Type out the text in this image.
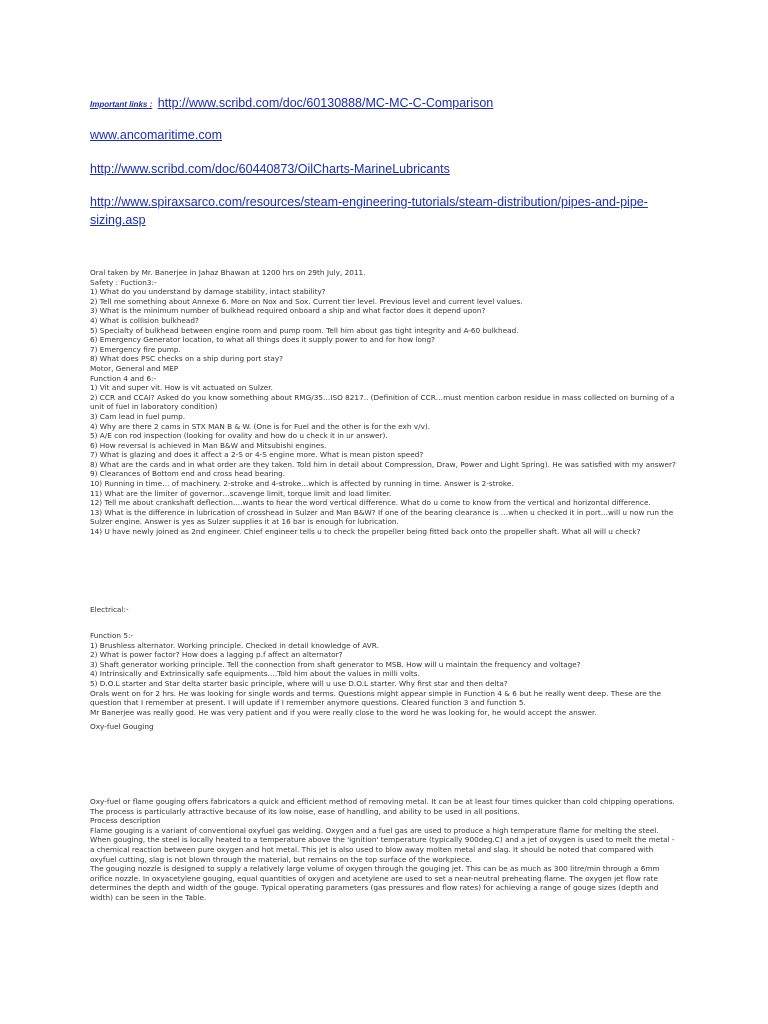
Important links : http://www.scribd.com/doc/60130888/MC-MC-C-Comparison

www.ancomaritime.com

http://www.scribd.com/doc/60440873/OilCharts-MarineLubricants

http://www.spiraxsarco.com/resources/steam-engineering-tutorials/steam-distribution/pipes-and-pipe-sizing.asp

Oral taken by Mr. Banerjee in Jahaz Bhawan at 1200 hrs on 29th July, 2011.

Safety : Fuction3:-

1) What do you understand by damage stability, intact stability?

2) Tell me something about Annexe 6. More on Nox and Sox. Current tier level. Previous level and current level values.

3) What is the minimum number of bulkhead required onboard a ship and what factor does it depend upon?

4) What is collision bulkhead?

5) Specialty of bulkhead between engine room and pump room. Tell him about gas tight integrity and A-60 bulkhead.

6) Emergency Generator location, to what all things does it supply power to and for how long?

7) Emergency fire pump.

8) What does PSC checks on a ship during port stay?

Motor, General and MEP

Function 4 and 6:-

1) Vit and super vit. How is vit actuated on Sulzer.

2) CCR and CCAI? Asked do you know something about RMG/35…ISO 8217.. (Definition of CCR…must mention carbon residue in mass collected on burning of a unit of fuel in laboratory condition)

3) Cam lead in fuel pump.

4) Why are there 2 cams in STX MAN B & W. (One is for Fuel and the other is for the exh v/v).

5) A/E con rod inspection (looking for ovality and how do u check it in ur answer).

6) How reversal is achieved in Man B&W and Mitsubishi engines.

7) What is glazing and does it affect a 2-S or 4-S engine more. What is mean piston speed?

8) What are the cards and in what order are they taken. Told him in detail about Compression, Draw, Power and Light Spring). He was satisfied with my answer?

9) Clearances of Bottom end and cross head bearing.

10) Running in time… of machinery. 2-stroke and 4-stroke…which is affected by running in time. Answer is 2-stroke.

11) What are the limiter of governor…scavenge limit, torque limit and load limiter.

12) Tell me about crankshaft deflection….wants to hear the word vertical difference. What do u come to know from the vertical and horizontal difference.

13) What is the difference in lubrication of crosshead in Sulzer and Man B&W? If one of the bearing clearance is …when u checked it in port…will u now run the Sulzer engine. Answer is yes as Sulzer supplies it at 16 bar is enough for lubrication.

14) U have newly joined as 2nd engineer. Chief engineer tells u to check the propeller being fitted back onto the propeller shaft. What all will u check?

Electrical:-

Function 5:-

1) Brushless alternator. Working principle. Checked in detail knowledge of AVR.

2) What is power factor? How does a lagging p.f affect an alternator?

3) Shaft generator working principle. Tell the connection from shaft generator to MSB. How will u maintain the frequency and voltage?

4) Intrinsically and Extrinsically safe equipments….Told him about the values in milli volts.

5) D.O.L starter and Star delta starter basic principle, where will u use D.O.L starter. Why first star and then delta?

Orals went on for 2 hrs. He was looking for single words and terms. Questions might appear simple in Function 4 & 6 but he really went deep. These are the question that I remember at present. I will update if I remember anymore questions. Cleared function 3 and function 5.

Mr Banerjee was really good. He was very patient and if you were really close to the word he was looking for, he would accept the answer.

Oxy-fuel Gouging

Oxy-fuel or flame gouging offers fabricators a quick and efficient method of removing metal. It can be at least four times quicker than cold chipping operations. The process is particularly attractive because of its low noise, ease of handling, and ability to be used in all positions.

Process description

Flame gouging is a variant of conventional oxyfuel gas welding. Oxygen and a fuel gas are used to produce a high temperature flame for melting the steel. When gouging, the steel is locally heated to a temperature above the 'ignition' temperature (typically 900deg.C) and a jet of oxygen is used to melt the metal - a chemical reaction between pure oxygen and hot metal. This jet is also used to blow away molten metal and slag. It should be noted that compared with oxyfuel cutting, slag is not blown through the material, but remains on the top surface of the workpiece.

The gouging nozzle is designed to supply a relatively large volume of oxygen through the gouging jet. This can be as much as 300 litre/min through a 6mm orifice nozzle. In oxyacetylene gouging, equal quantities of oxygen and acetylene are used to set a near-neutral preheating flame. The oxygen jet flow rate determines the depth and width of the gouge. Typical operating parameters (gas pressures and flow rates) for achieving a range of gouge sizes (depth and width) can be seen in the Table.
